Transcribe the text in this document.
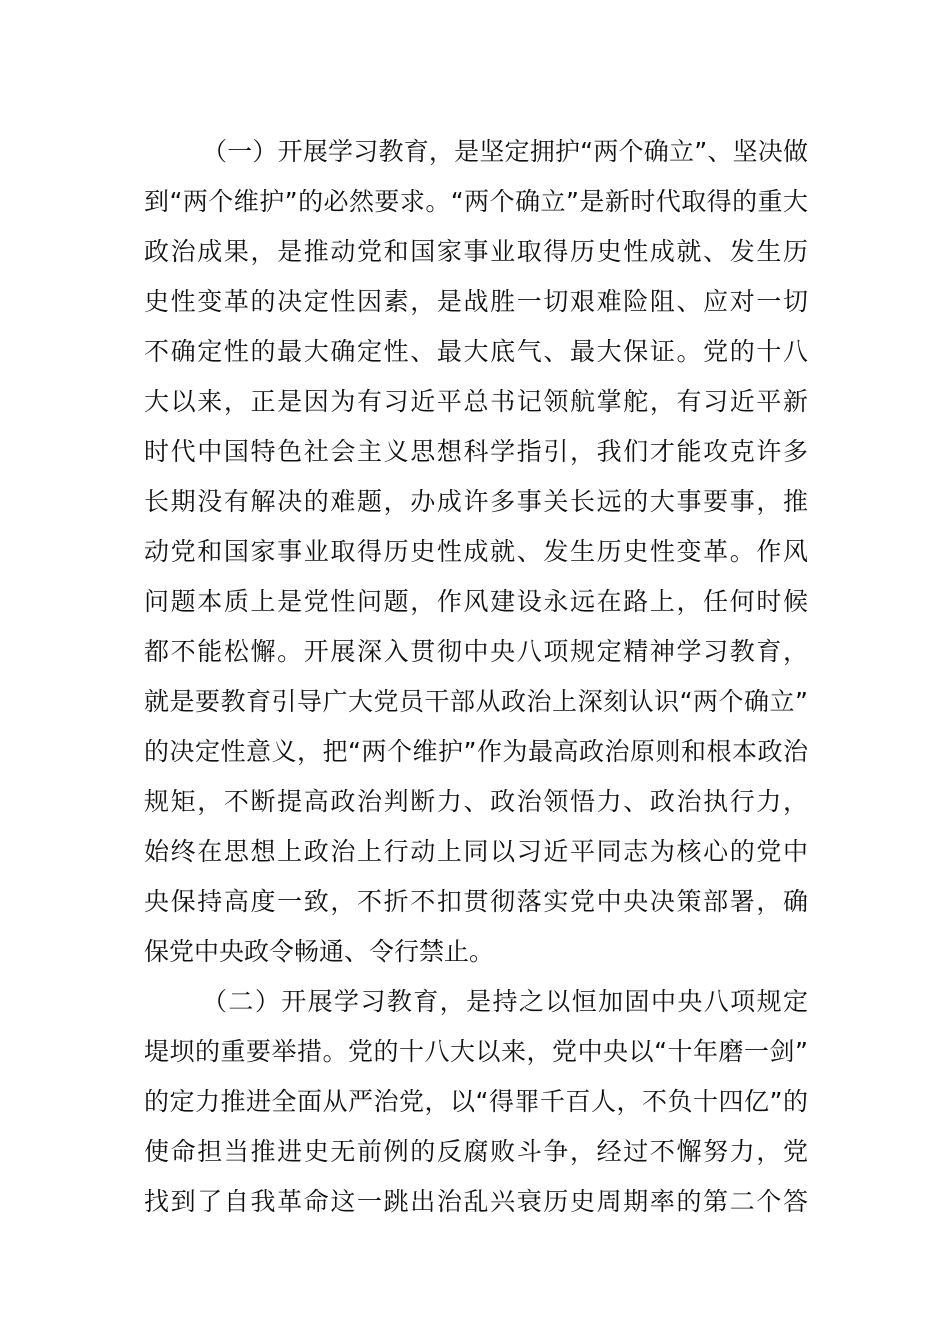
（一）开展学习教育，是坚定拥护“两个确立”、坚决做
到“两个维护”的必然要求。“两个确立”是新时代取得的重大
政治成果，是推动党和国家事业取得历史性成就、发生历
史性变革的决定性因素，是战胜一切艰难险阻、应对一切
不确定性的最大确定性、最大底气、最大保证。党的十八
大以来，正是因为有习近平总书记领航掌舵，有习近平新
时代中国特色社会主义思想科学指引，我们才能攻克许多
长期没有解决的难题，办成许多事关长远的大事要事，推
动党和国家事业取得历史性成就、发生历史性变革。作风
问题本质上是党性问题，作风建设永远在路上，任何时候
都不能松懈。开展深入贯彻中央八项规定精神学习教育，
就是要教育引导广大党员干部从政治上深刻认识“两个确立”
的决定性意义，把“两个维护”作为最高政治原则和根本政治
规矩，不断提高政治判断力、政治领悟力、政治执行力，
始终在思想上政治上行动上同以习近平同志为核心的党中
央保持高度一致，不折不扣贯彻落实党中央决策部署，确
保党中央政令畅通、令行禁止。
（二）开展学习教育，是持之以恒加固中央八项规定
堤坝的重要举措。党的十八大以来，党中央以“十年磨一剑”
的定力推进全面从严治党，以“得罪千百人，不负十四亿”的
使命担当推进史无前例的反腐败斗争，经过不懈努力，党
找到了自我革命这一跳出治乱兴衰历史周期率的第二个答
